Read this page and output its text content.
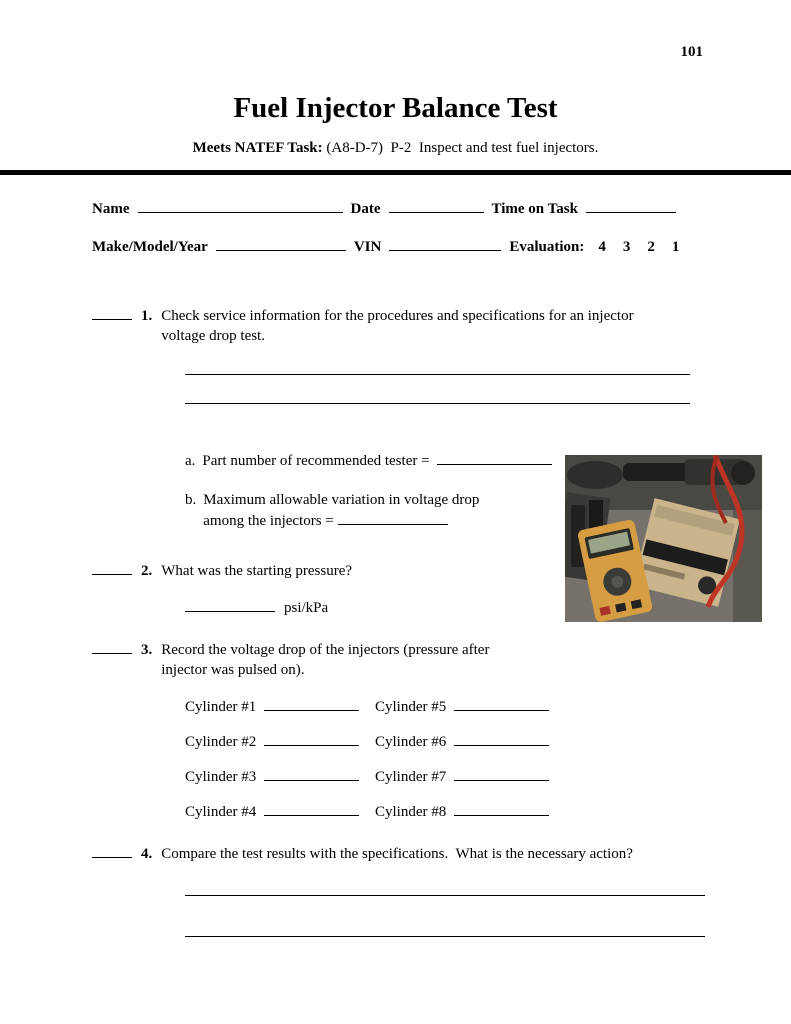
101
Fuel Injector Balance Test
Meets NATEF Task: (A8-D-7)  P-2  Inspect and test fuel injectors.
Name	Date	Time on Task
Make/Model/Year	VIN	Evaluation: 4 3 2 1
1. Check service information for the procedures and specifications for an injector
voltage drop test.
a. Part number of recommended tester =
b. Maximum allowable variation in voltage drop
among the injectors =
2. What was the starting pressure?
psi/kPa
3. Record the voltage drop of the injectors (pressure after
injector was pulsed on).
Cylinder #1	Cylinder #5
Cylinder #2	Cylinder #6
Cylinder #3	Cylinder #7
Cylinder #4	Cylinder #8
4. Compare the test results with the specifications.  What is the necessary action?
